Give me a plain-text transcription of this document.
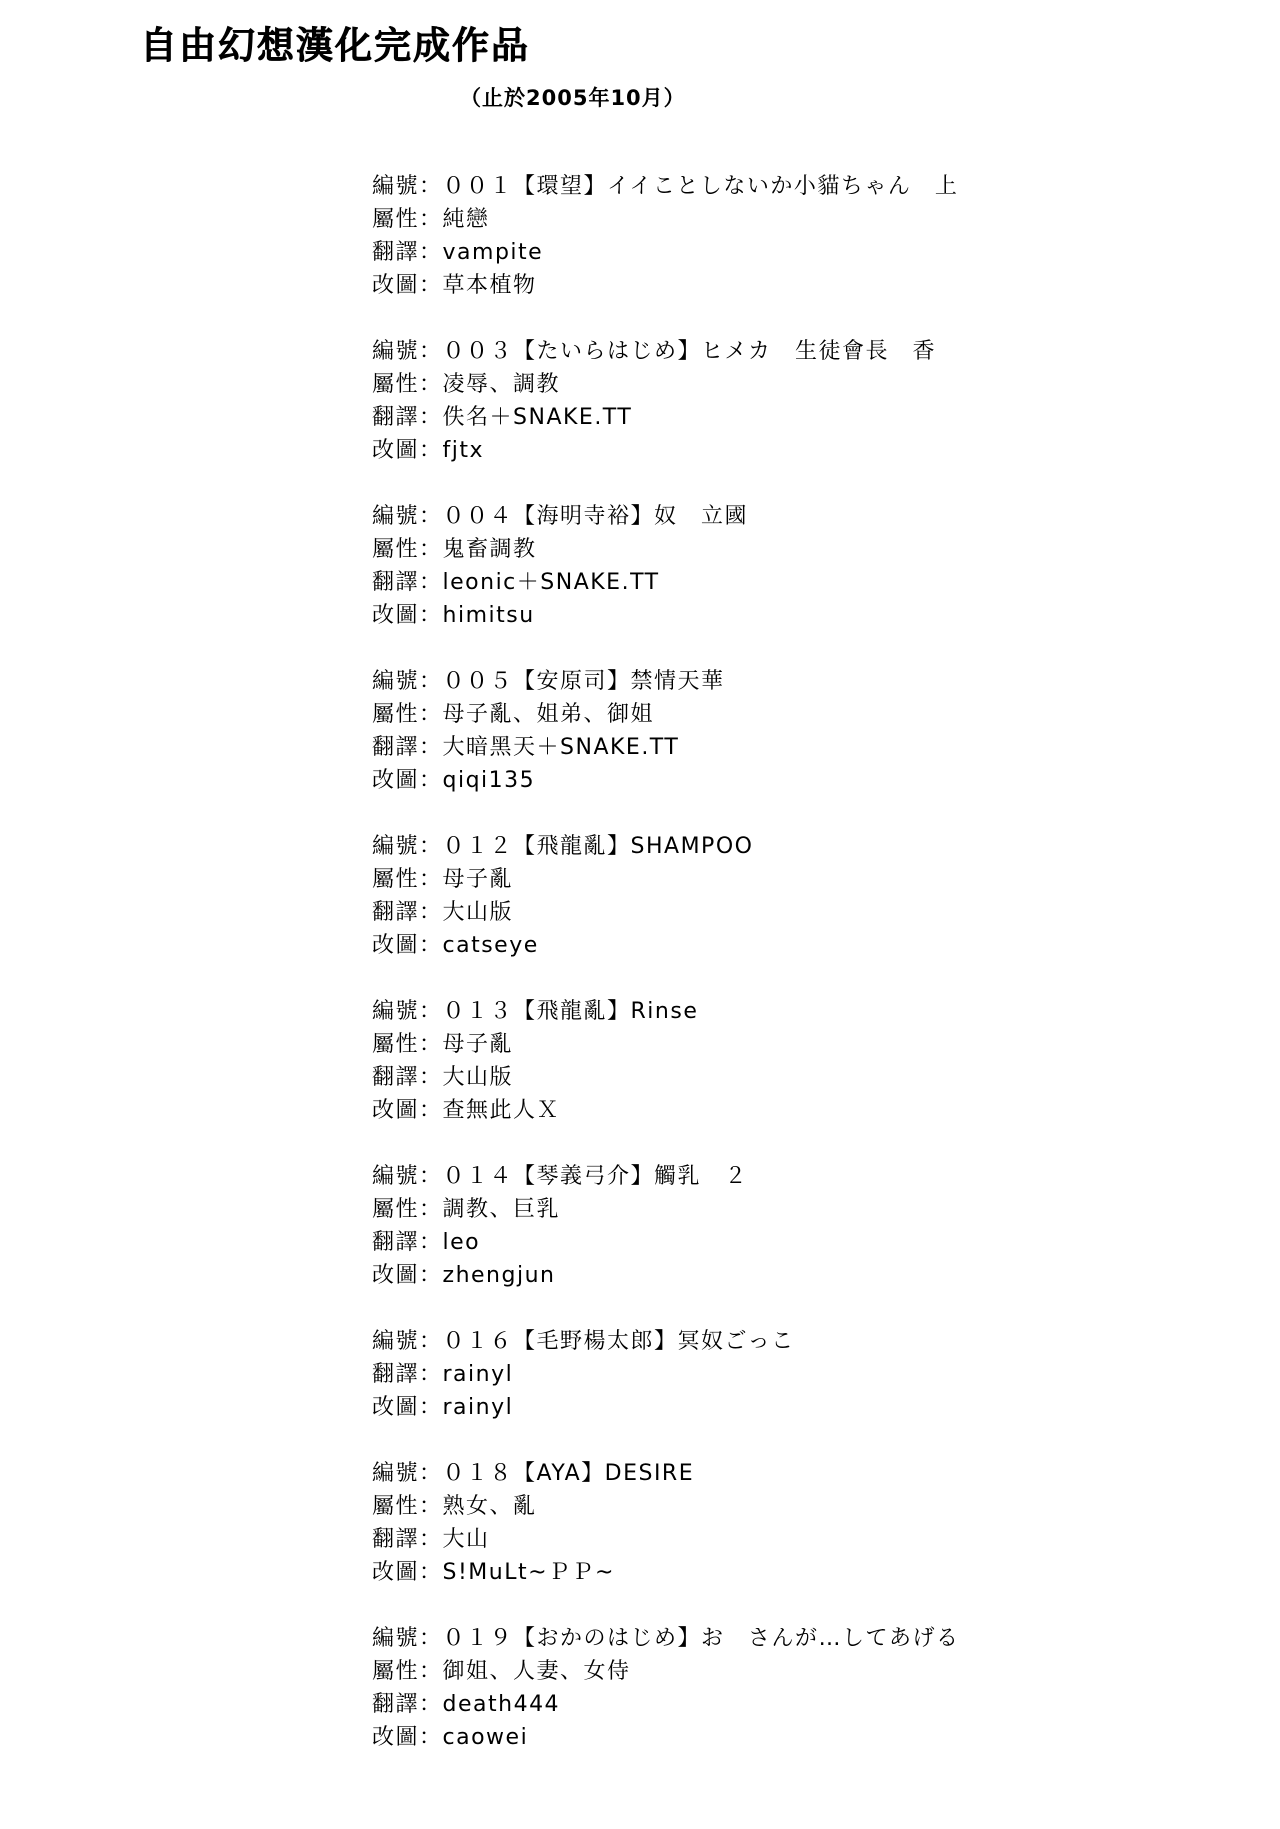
自由幻想漢化完成作品
（止於2005年10月）
編號：００１【環望】イイことしないか小貓ちゃん　上
屬性：純戀
翻譯：vampite
改圖：草本植物
編號：００３【たいらはじめ】ヒメカ　生徒會長　香
屬性：凌辱、調教
翻譯：佚名＋SNAKE.TT
改圖：fjtx
編號：００４【海明寺裕】奴　立國
屬性：鬼畜調教
翻譯：leonic＋SNAKE.TT
改圖：himitsu
編號：００５【安原司】禁情天華
屬性：母子亂、姐弟、御姐
翻譯：大暗黑天＋SNAKE.TT
改圖：qiqi135
編號：０１２【飛龍亂】SHAMPOO
屬性：母子亂
翻譯：大山版
改圖：catseye
編號：０１３【飛龍亂】Rinse
屬性：母子亂
翻譯：大山版
改圖：查無此人Ｘ
編號：０１４【琴義弓介】觸乳　２
屬性：調教、巨乳
翻譯：leo
改圖：zhengjun
編號：０１６【毛野楊太郎】冥奴ごっこ
翻譯：rainyl
改圖：rainyl
編號：０１８【AYA】DESIRE
屬性：熟女、亂
翻譯：大山
改圖：S!MuLt~ＰＰ~
編號：０１９【おかのはじめ】お　さんが…してあげる
屬性：御姐、人妻、女侍
翻譯：death444
改圖：caowei
